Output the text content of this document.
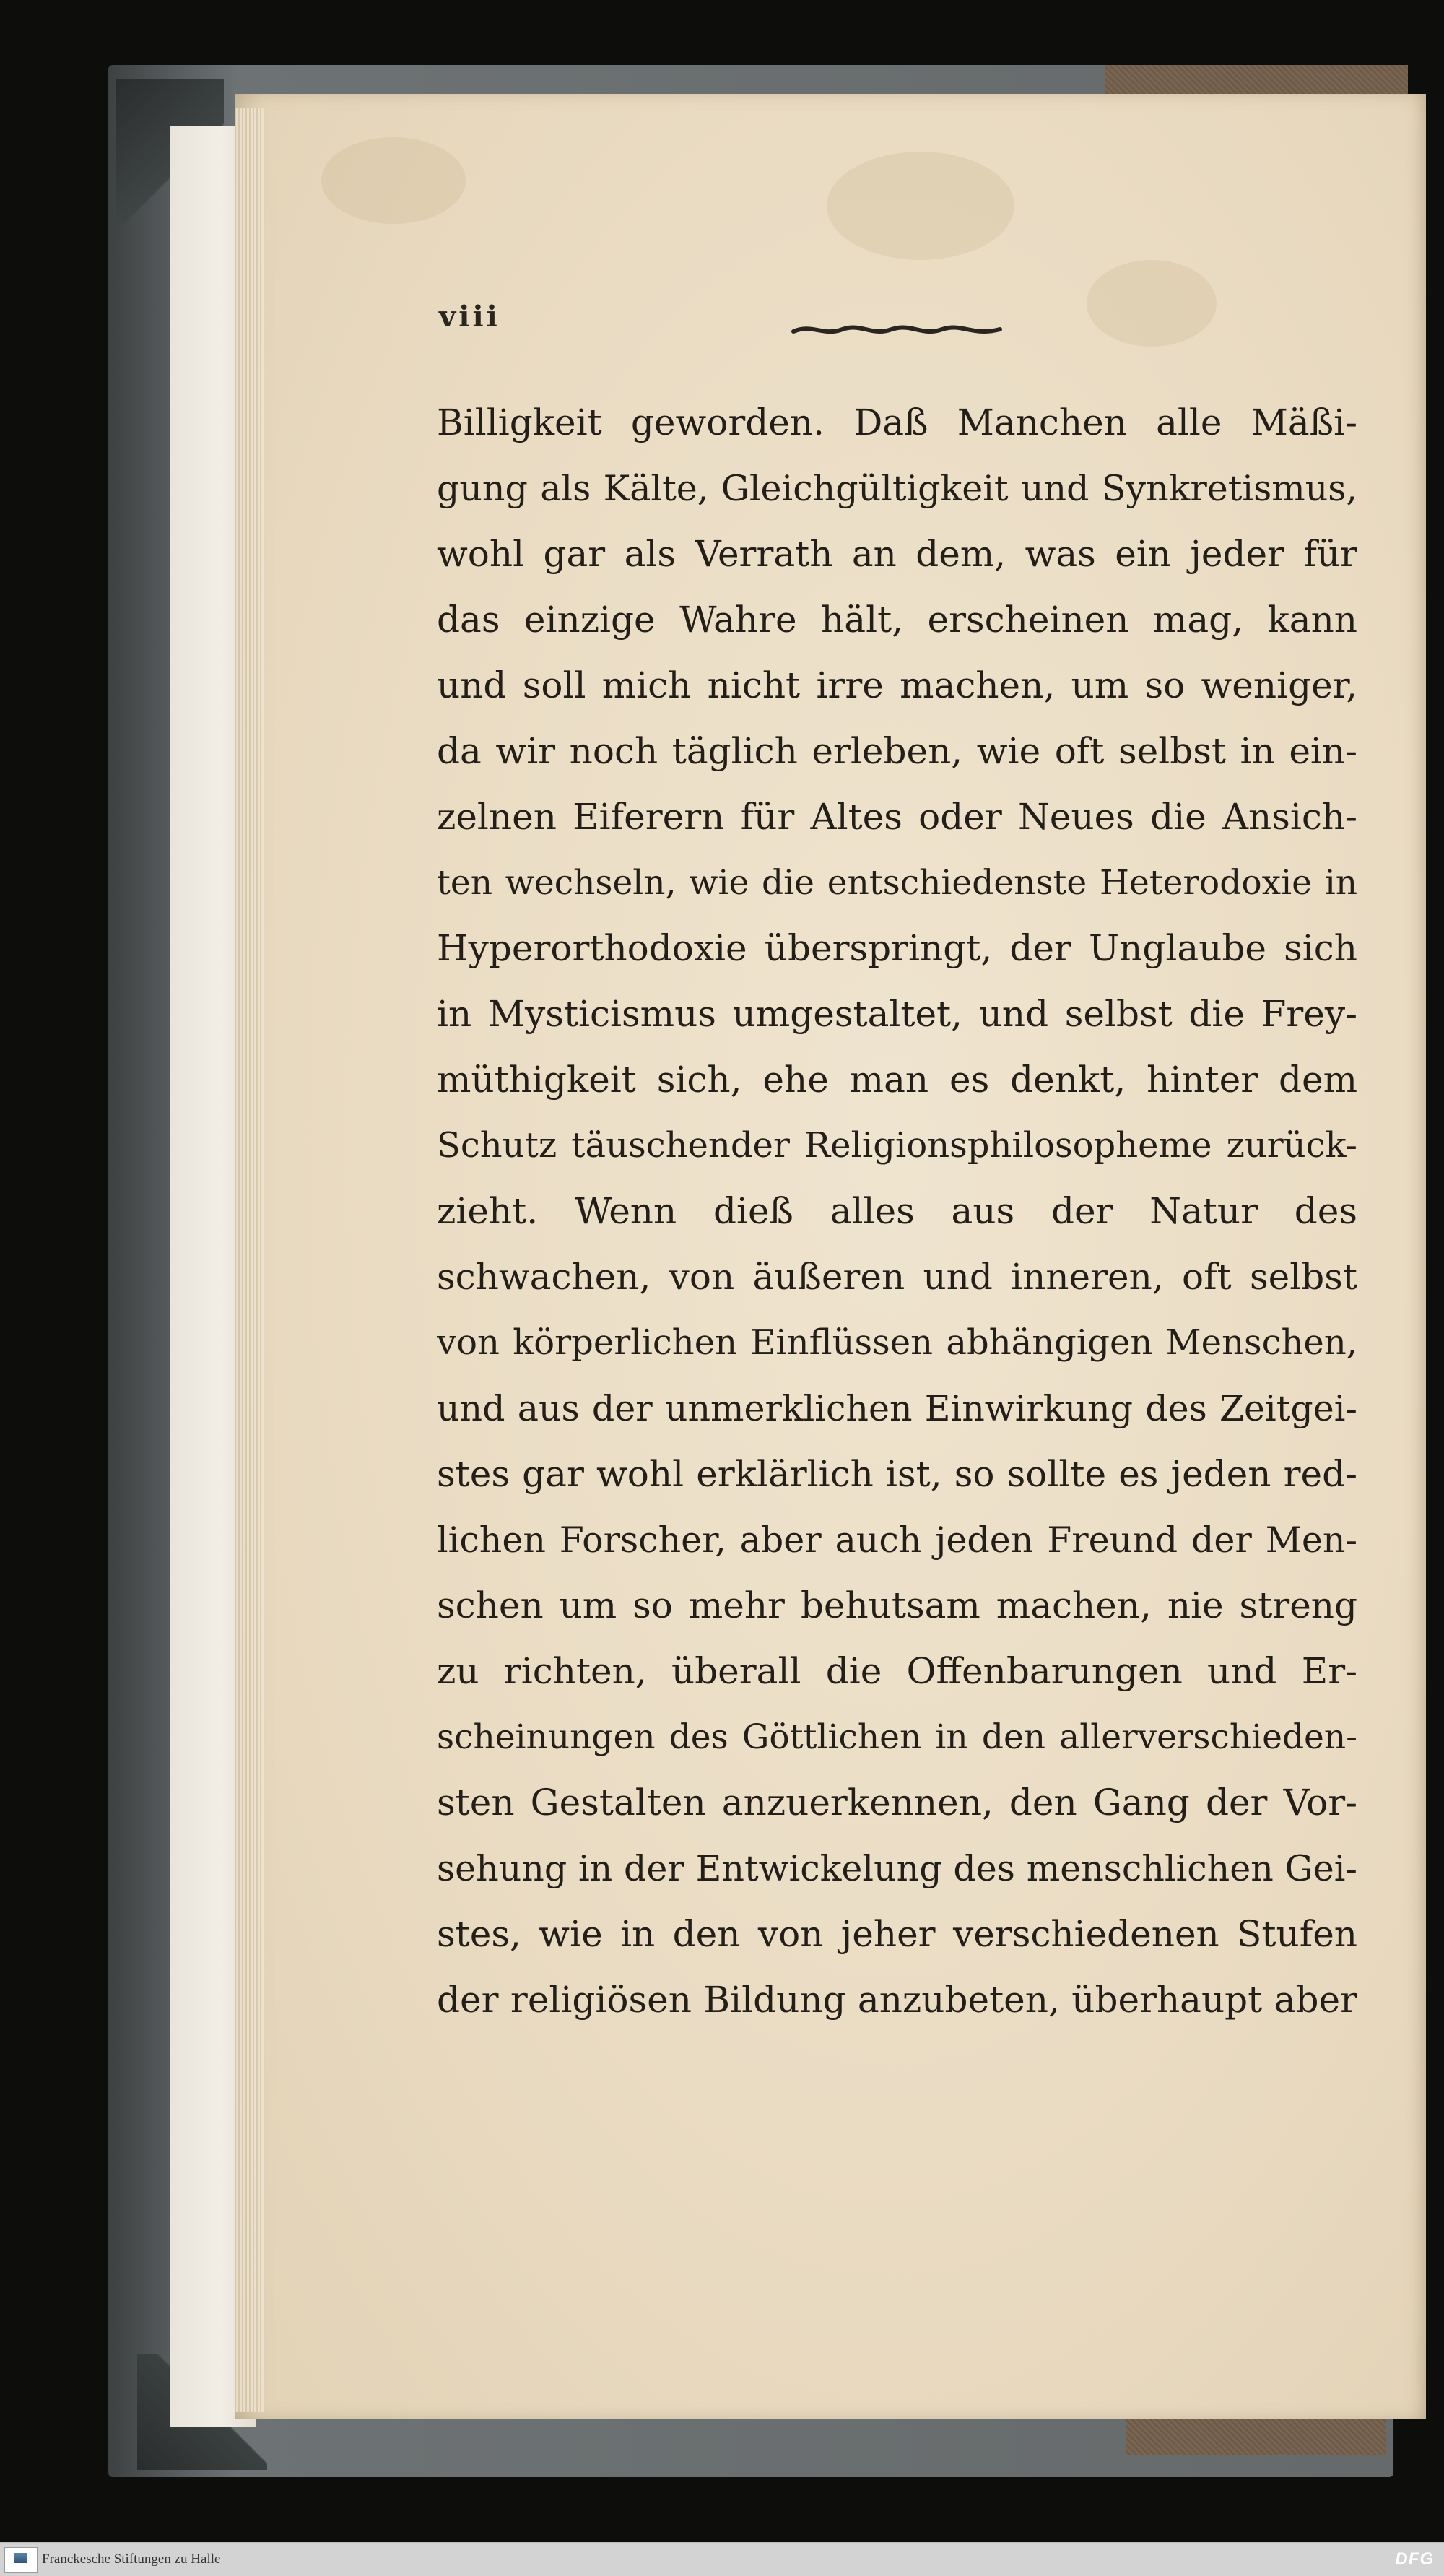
viii
Billigkeit geworden. Daß Manchen alle Mäßi-
gung als Kälte, Gleichgültigkeit und Synkretismus,
wohl gar als Verrath an dem, was ein jeder für
das einzige Wahre hält, erscheinen mag, kann
und soll mich nicht irre machen, um so weniger,
da wir noch täglich erleben, wie oft selbst in ein-
zelnen Eiferern für Altes oder Neues die Ansich-
ten wechseln, wie die entschiedenste Heterodoxie in
Hyperorthodoxie überspringt, der Unglaube sich
in Mysticismus umgestaltet, und selbst die Frey-
müthigkeit sich, ehe man es denkt, hinter dem
Schutz täuschender Religionsphilosopheme zurück-
zieht. Wenn dieß alles aus der Natur des
schwachen, von äußeren und inneren, oft selbst
von körperlichen Einflüssen abhängigen Menschen,
und aus der unmerklichen Einwirkung des Zeitgei-
stes gar wohl erklärlich ist, so sollte es jeden red-
lichen Forscher, aber auch jeden Freund der Men-
schen um so mehr behutsam machen, nie streng
zu richten, überall die Offenbarungen und Er-
scheinungen des Göttlichen in den allerverschieden-
sten Gestalten anzuerkennen, den Gang der Vor-
sehung in der Entwickelung des menschlichen Gei-
stes, wie in den von jeher verschiedenen Stufen
der religiösen Bildung anzubeten, überhaupt aber
Franckesche Stiftungen zu Halle	DFG
